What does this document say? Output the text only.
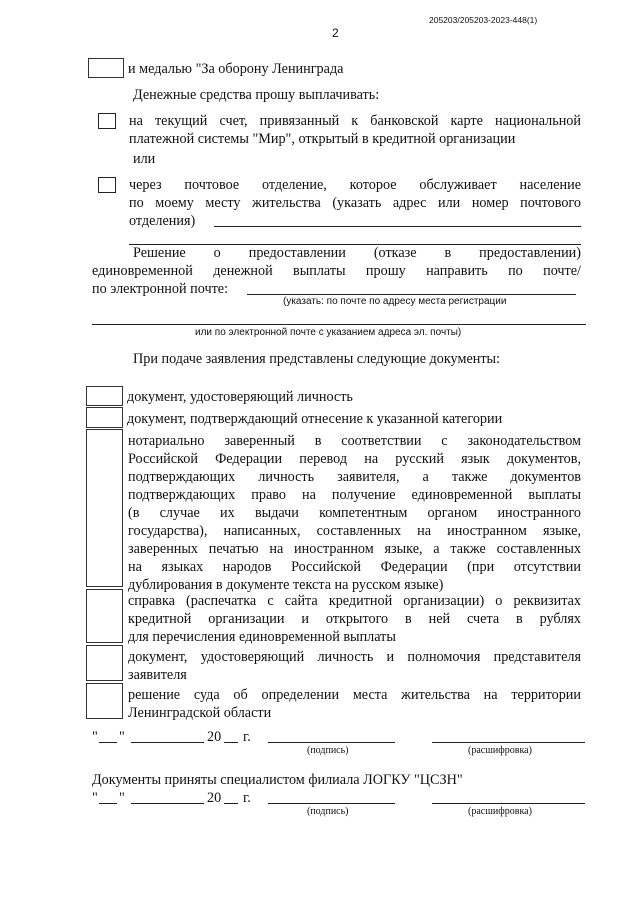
2
205203/205203-2023-448(1)
и медалью "За оборону Ленинграда
Денежные средства прошу выплачивать:
на текущий счет, привязанный к банковской карте национальной
платежной системы "Мир", открытый в кредитной организации
или
через почтовое отделение, которое обслуживает население
по моему месту жительства (указать адрес или номер почтового
отделения)
Решение о предоставлении (отказе в предоставлении)
единовременной денежной выплаты прошу направить по почте/
по электронной почте:
(указать: по почте по адресу места регистрации
или по электронной почте с указанием адреса эл. почты)
При подаче заявления представлены следующие документы:
документ, удостоверяющий личность
документ, подтверждающий отнесение к указанной категории
нотариально заверенный в соответствии с законодательством
Российской Федерации перевод на русский язык документов,
подтверждающих личность заявителя, а также документов
подтверждающих право на получение единовременной выплаты
(в случае их выдачи компетентным органом иностранного
государства), написанных, составленных на иностранном языке,
заверенных печатью на иностранном языке, а также составленных
на языках народов Российской Федерации (при отсутствии
дублирования в документе текста на русском языке)
справка (распечатка с сайта кредитной организации) о реквизитах
кредитной организации и открытого в ней счета в рублях
для перечисления единовременной выплаты
документ, удостоверяющий личность и полномочия представителя
заявителя
решение суда об определении места жительства на территории
Ленинградской области
" "	20 г.
(подпись)	(расшифровка)
Документы приняты специалистом филиала ЛОГКУ "ЦСЗН"
" "	20 г.
(подпись)	(расшифровка)
